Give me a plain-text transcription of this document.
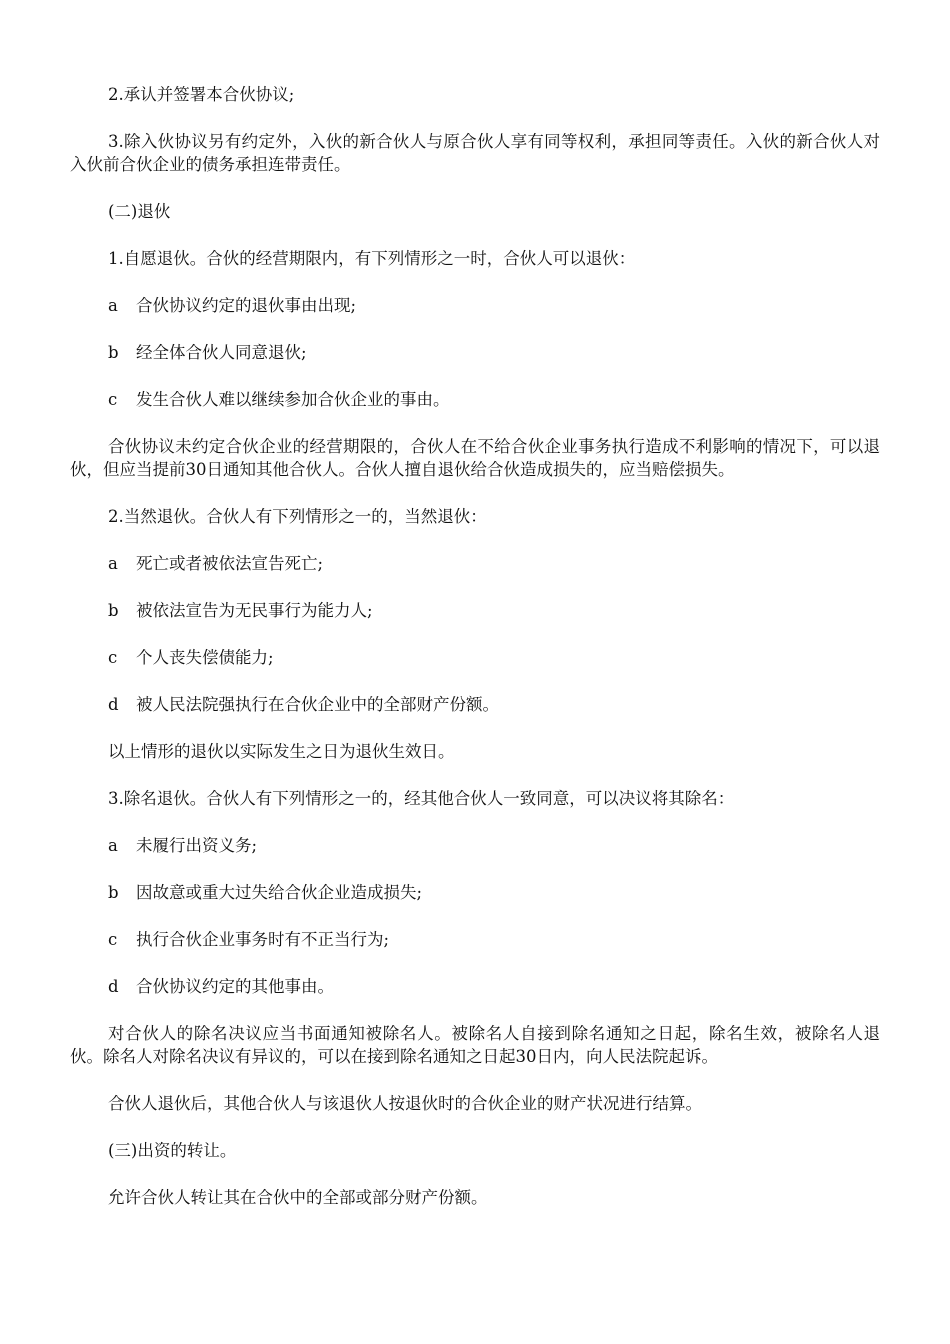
2.承认并签署本合伙协议;

3.除入伙协议另有约定外，入伙的新合伙人与原合伙人享有同等权利，承担同等责任。入伙的新合伙人对入伙前合伙企业的债务承担连带责任。

(二)退伙

1.自愿退伙。合伙的经营期限内，有下列情形之一时，合伙人可以退伙：

a 合伙协议约定的退伙事由出现;

b 经全体合伙人同意退伙;

c 发生合伙人难以继续参加合伙企业的事由。

合伙协议未约定合伙企业的经营期限的，合伙人在不给合伙企业事务执行造成不利影响的情况下，可以退伙，但应当提前30日通知其他合伙人。合伙人擅自退伙给合伙造成损失的，应当赔偿损失。

2.当然退伙。合伙人有下列情形之一的，当然退伙：

a 死亡或者被依法宣告死亡;

b 被依法宣告为无民事行为能力人;

c 个人丧失偿债能力;

d 被人民法院强执行在合伙企业中的全部财产份额。

以上情形的退伙以实际发生之日为退伙生效日。

3.除名退伙。合伙人有下列情形之一的，经其他合伙人一致同意，可以决议将其除名：

a 未履行出资义务;

b 因故意或重大过失给合伙企业造成损失;

c 执行合伙企业事务时有不正当行为;

d 合伙协议约定的其他事由。

对合伙人的除名决议应当书面通知被除名人。被除名人自接到除名通知之日起，除名生效，被除名人退伙。除名人对除名决议有异议的，可以在接到除名通知之日起30日内，向人民法院起诉。

合伙人退伙后，其他合伙人与该退伙人按退伙时的合伙企业的财产状况进行结算。

(三)出资的转让。

允许合伙人转让其在合伙中的全部或部分财产份额。
